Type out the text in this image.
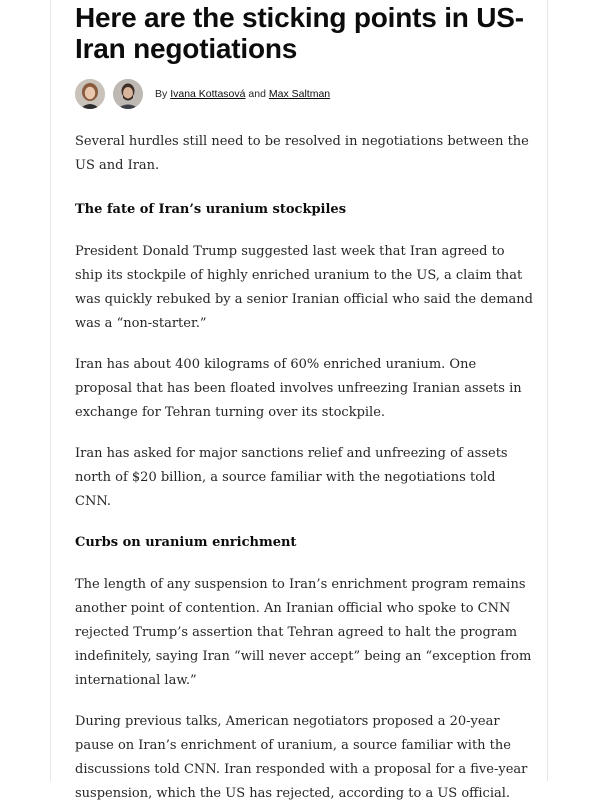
Here are the sticking points in US-Iran negotiations
By Ivana Kottasová and Max Saltman

Several hurdles still need to be resolved in negotiations between the US and Iran.

The fate of Iran’s uranium stockpiles

President Donald Trump suggested last week that Iran agreed to ship its stockpile of highly enriched uranium to the US, a claim that was quickly rebuked by a senior Iranian official who said the demand was a “non-starter.”

Iran has about 400 kilograms of 60% enriched uranium. One proposal that has been floated involves unfreezing Iranian assets in exchange for Tehran turning over its stockpile.

Iran has asked for major sanctions relief and unfreezing of assets north of $20 billion, a source familiar with the negotiations told CNN.

Curbs on uranium enrichment

The length of any suspension to Iran’s enrichment program remains another point of contention. An Iranian official who spoke to CNN rejected Trump’s assertion that Tehran agreed to halt the program indefinitely, saying Iran “will never accept” being an “exception from international law.”

During previous talks, American negotiators proposed a 20-year pause on Iran’s enrichment of uranium, a source familiar with the discussions told CNN. Iran responded with a proposal for a five-year suspension, which the US has rejected, according to a US official.
